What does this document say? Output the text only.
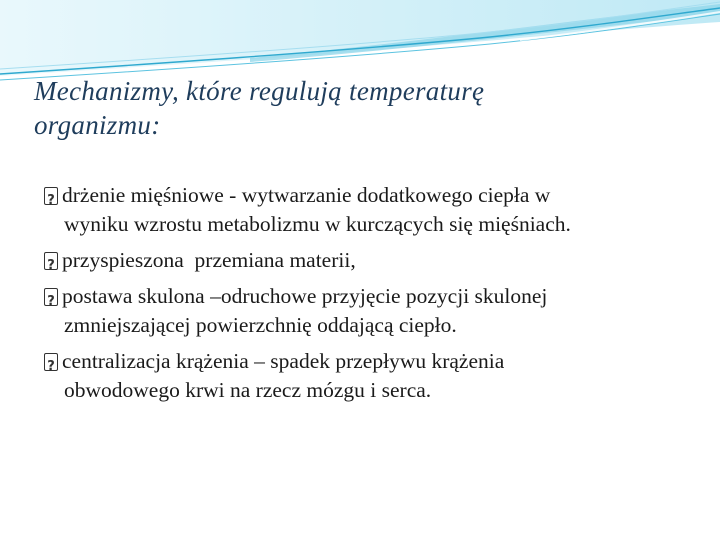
Mechanizmy, które regulują temperaturę
organizmu:
?drżenie mięśniowe - wytwarzanie dodatkowego ciepła w
wyniku wzrostu metabolizmu w kurczących się mięśniach.
?przyspieszona  przemiana materii,
?postawa skulona –odruchowe przyjęcie pozycji skulonej
zmniejszającej powierzchnię oddającą ciepło.
?centralizacja krążenia – spadek przepływu krążenia
obwodowego krwi na rzecz mózgu i serca.
